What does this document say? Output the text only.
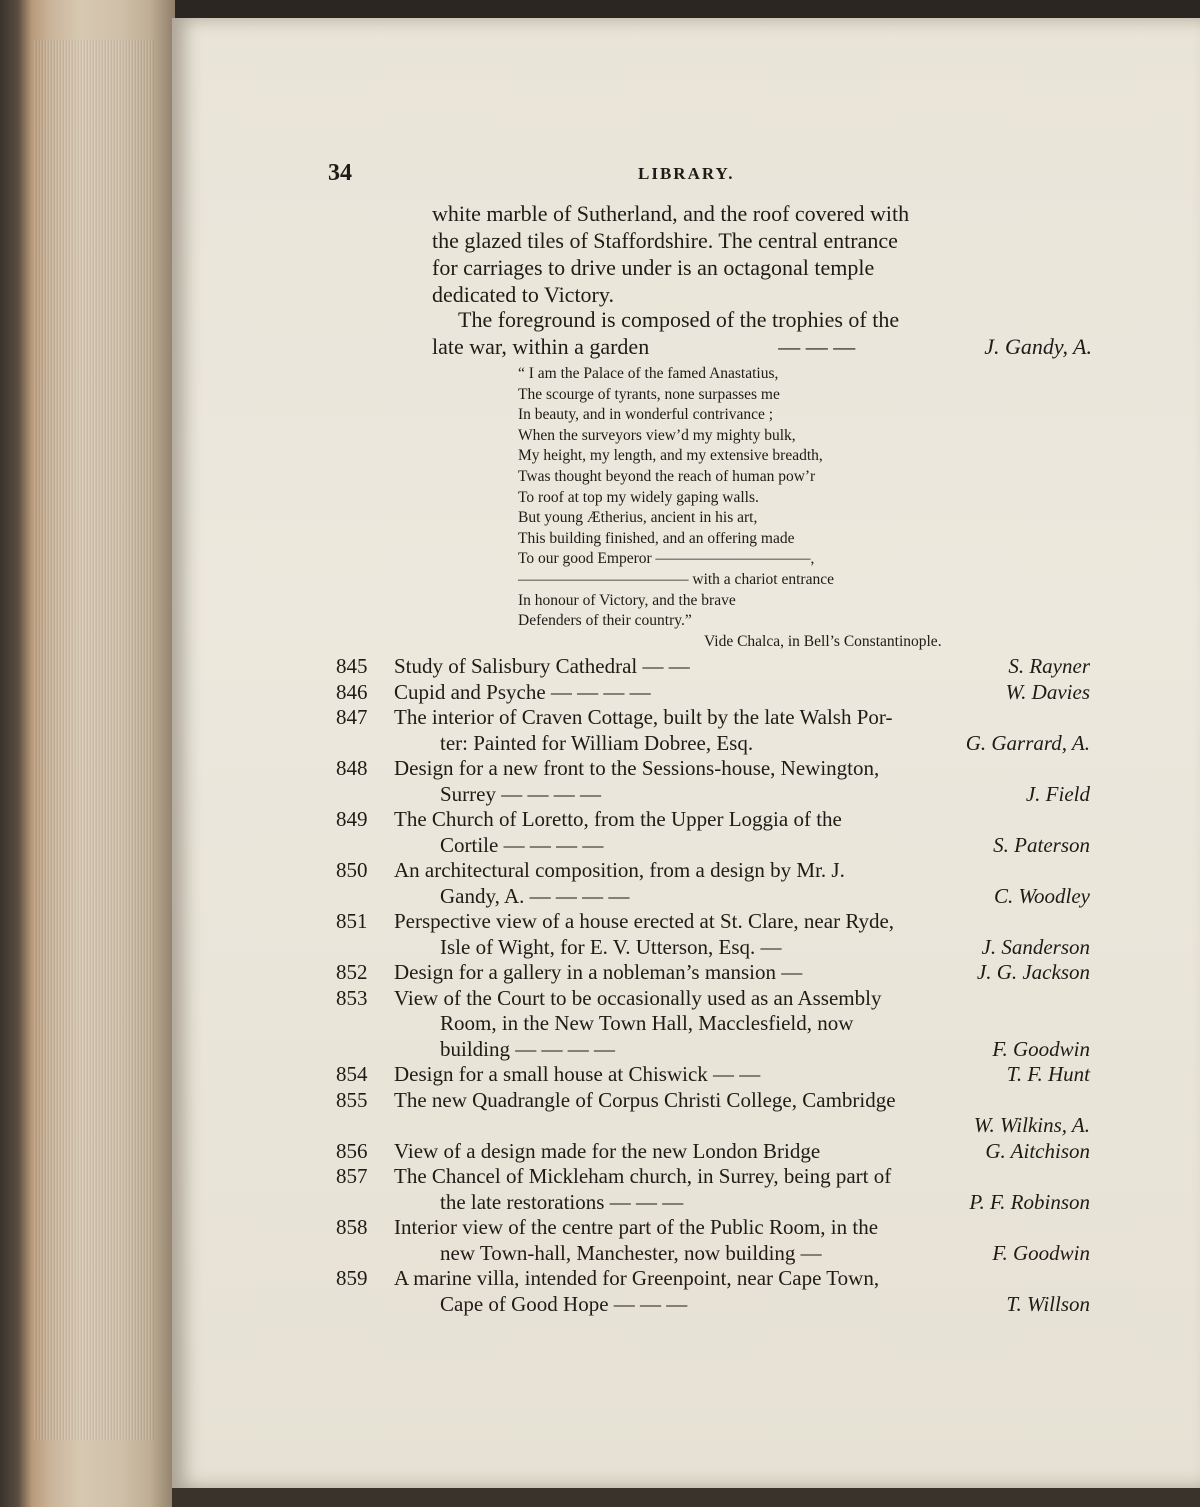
34	LIBRARY.
white marble of Sutherland, and the roof covered with
the glazed tiles of Staffordshire. The central entrance
for carriages to drive under is an octagonal temple
dedicated to Victory.
The foreground is composed of the trophies of the
late war, within a garden	— — —	J. Gandy, A.
“ I am the Palace of the famed Anastatius,
The scourge of tyrants, none surpasses me
In beauty, and in wonderful contrivance ;
When the surveyors view’d my mighty bulk,
My height, my length, and my extensive breadth,
Twas thought beyond the reach of human pow’r
To roof at top my widely gaping walls.
But young Ætherius, ancient in his art,
This building finished, and an offering made
To our good Emperor ——————————,
——————————— with a chariot entrance
In honour of Victory, and the brave
Defenders of their country.”
Vide Chalca, in Bell’s Constantinople.
845	Study of Salisbury Cathedral — —	S. Rayner
846	Cupid and Psyche — — — —	W. Davies
847	The interior of Craven Cottage, built by the late Walsh Por-
ter: Painted for William Dobree, Esq.	G. Garrard, A.
848	Design for a new front to the Sessions-house, Newington,
Surrey — — — —	J. Field
849	The Church of Loretto, from the Upper Loggia of the
Cortile — — — —	S. Paterson
850	An architectural composition, from a design by Mr. J.
Gandy, A. — — — —	C. Woodley
851	Perspective view of a house erected at St. Clare, near Ryde,
Isle of Wight, for E. V. Utterson, Esq. —	J. Sanderson
852	Design for a gallery in a nobleman’s mansion —	J. G. Jackson
853	View of the Court to be occasionally used as an Assembly
Room, in the New Town Hall, Macclesfield, now
building — — — —	F. Goodwin
854	Design for a small house at Chiswick — —	T. F. Hunt
855	The new Quadrangle of Corpus Christi College, Cambridge
W. Wilkins, A.
856	View of a design made for the new London Bridge	G. Aitchison
857	The Chancel of Mickleham church, in Surrey, being part of
the late restorations — — —	P. F. Robinson
858	Interior view of the centre part of the Public Room, in the
new Town-hall, Manchester, now building —	F. Goodwin
859	A marine villa, intended for Greenpoint, near Cape Town,
Cape of Good Hope — — —	T. Willson
